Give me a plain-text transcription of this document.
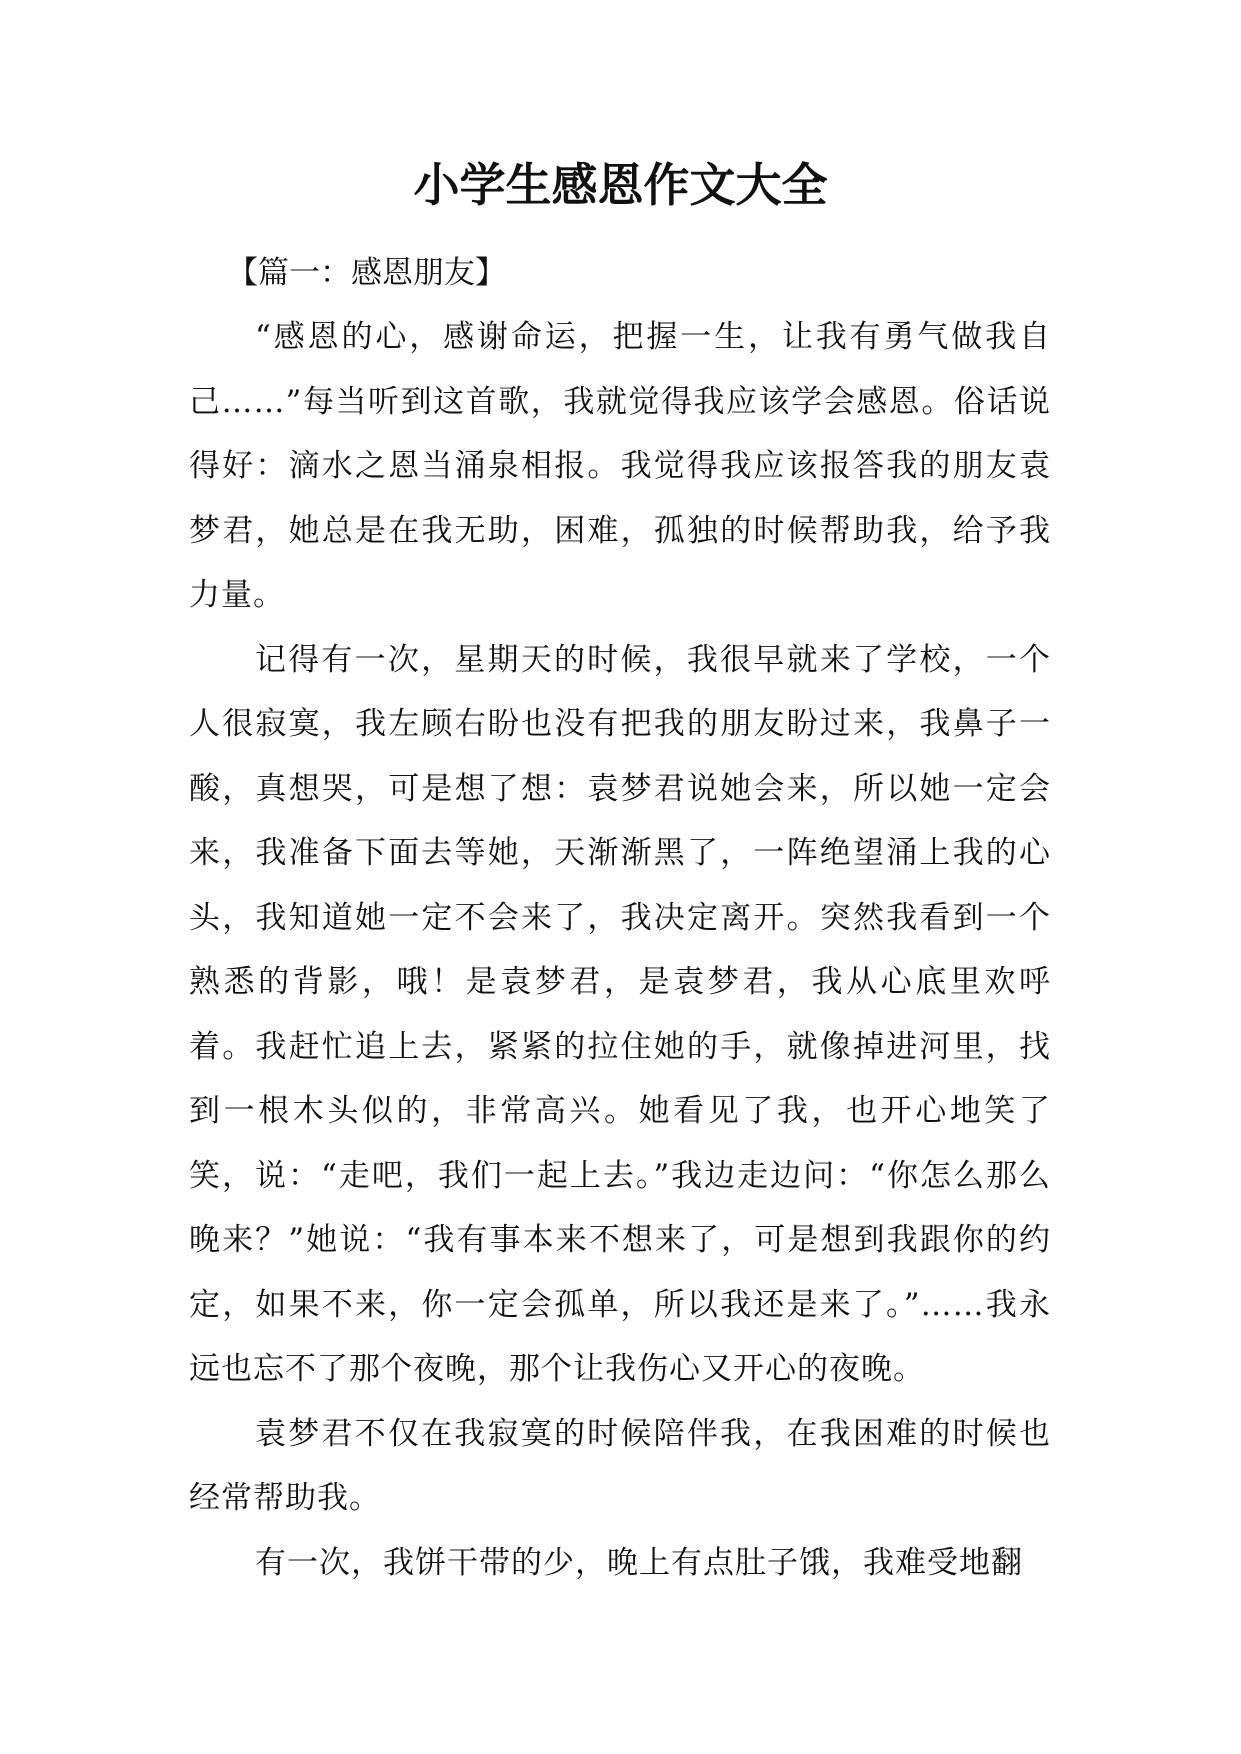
小学生感恩作文大全

【篇一：感恩朋友】

“感恩的心，感谢命运，把握一生，让我有勇气做我自己……”每当听到这首歌，我就觉得我应该学会感恩。俗话说得好：滴水之恩当涌泉相报。我觉得我应该报答我的朋友袁梦君，她总是在我无助，困难，孤独的时候帮助我，给予我力量。

记得有一次，星期天的时候，我很早就来了学校，一个人很寂寞，我左顾右盼也没有把我的朋友盼过来，我鼻子一酸，真想哭，可是想了想：袁梦君说她会来，所以她一定会来，我准备下面去等她，天渐渐黑了，一阵绝望涌上我的心头，我知道她一定不会来了，我决定离开。突然我看到一个熟悉的背影，哦！是袁梦君，是袁梦君，我从心底里欢呼着。我赶忙追上去，紧紧的拉住她的手，就像掉进河里，找到一根木头似的，非常高兴。她看见了我，也开心地笑了笑，说：“走吧，我们一起上去。”我边走边问：“你怎么那么晚来？”她说：“我有事本来不想来了，可是想到我跟你的约定，如果不来，你一定会孤单，所以我还是来了。”……我永远也忘不了那个夜晚，那个让我伤心又开心的夜晚。

袁梦君不仅在我寂寞的时候陪伴我，在我困难的时候也经常帮助我。

有一次，我饼干带的少，晚上有点肚子饿，我难受地翻
